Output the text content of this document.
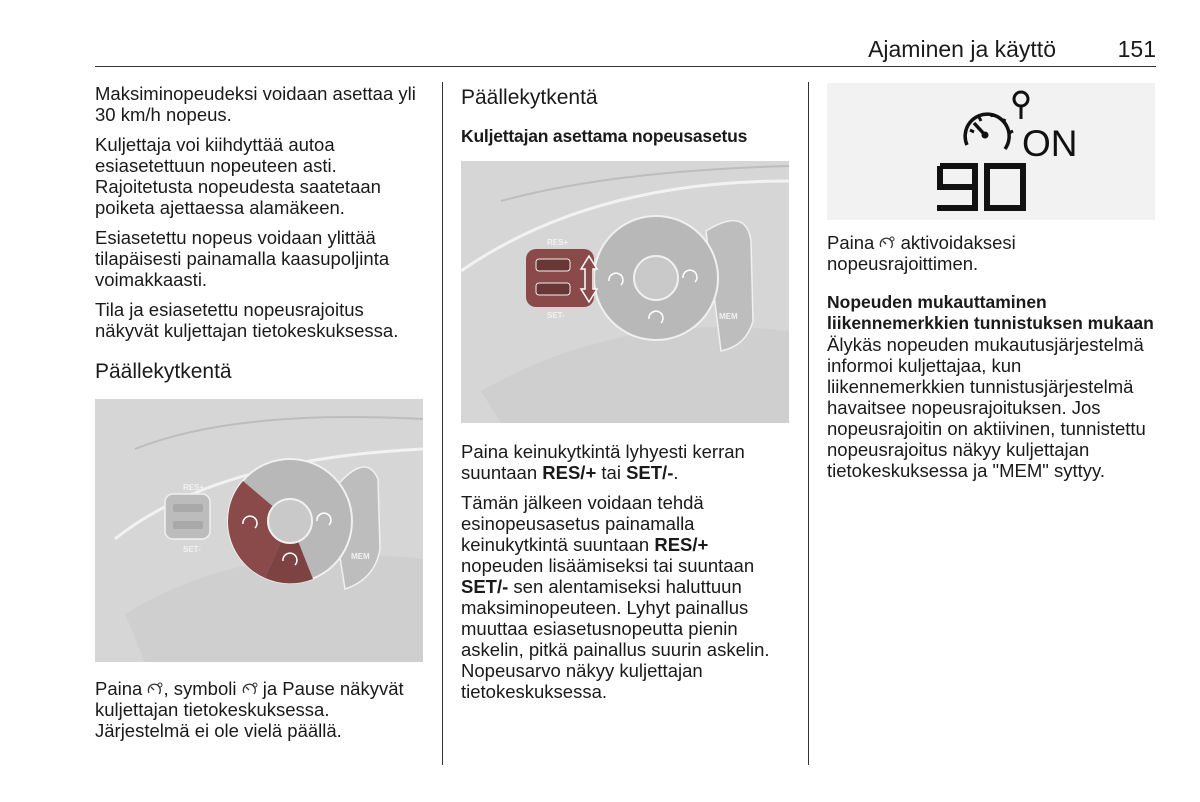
Ajaminen ja käyttö	151

Maksiminopeudeksi voidaan asettaa yli 30 km/h nopeus.

Kuljettaja voi kiihdyttää autoa esiasetettuun nopeuteen asti. Rajoitetusta nopeudesta saatetaan poiketa ajettaessa alamäkeen.

Esiasetettu nopeus voidaan ylittää tilapäisesti painamalla kaasupoljinta voimakkaasti.

Tila ja esiasetettu nopeusrajoitus näkyvät kuljettajan tietokeskuksessa.

Päällekytkentä
RES+
SET-
MEM

Paina , symboli ja Pause näkyvät kuljettajan tietokeskuksessa. Järjestelmä ei ole vielä päällä.

Päällekytkentä
Kuljettajan asettama nopeusasetus
RES+
SET-	MEM

Paina keinukytkintä lyhyesti kerran suuntaan RES/+ tai SET/-.

Tämän jälkeen voidaan tehdä esinopeusasetus painamalla keinukytkintä suuntaan RES/+ nopeuden lisäämiseksi tai suuntaan SET/- sen alentamiseksi haluttuun maksiminopeuteen. Lyhyt painallus muuttaa esiasetusnopeutta pienin askelin, pitkä painallus suurin askelin. Nopeusarvo näkyy kuljettajan tietokeskuksessa.

ON

Paina aktivoidaksesi nopeusrajoittimen.

Nopeuden mukauttaminen liikennemerkkien tunnistuksen mukaan

Älykäs nopeuden mukautusjärjestelmä informoi kuljettajaa, kun liikennemerkkien tunnistusjärjestelmä havaitsee nopeusrajoituksen. Jos nopeusrajoitin on aktiivinen, tunnistettu nopeusrajoitus näkyy kuljettajan tietokeskuksessa ja "MEM" syttyy.
